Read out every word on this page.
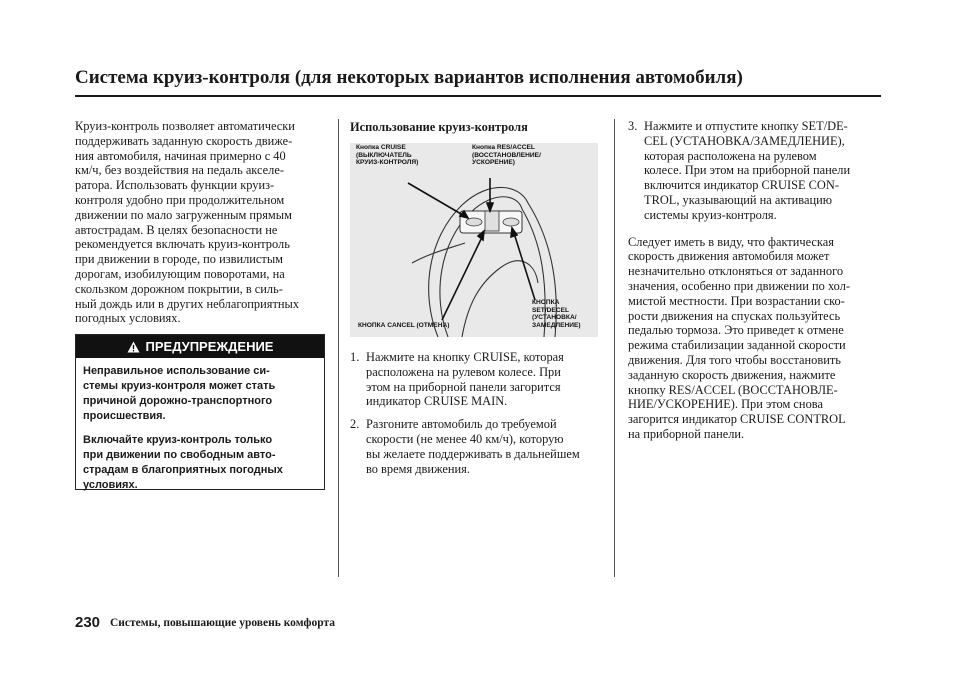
Система круиз-контроля (для некоторых вариантов исполнения автомобиля)
Круиз-контроль позволяет автоматически
поддерживать заданную скорость движе-
ния автомобиля, начиная примерно с 40
км/ч, без воздействия на педаль акселе-
ратора. Использовать функции круиз-
контроля удобно при продолжительном
движении по мало загруженным прямым
автострадам. В целях безопасности не
рекомендуется включать круиз-контроль
при движении в городе, по извилистым
дорогам, изобилующим поворотами, на
скользком дорожном покрытии, в силь-
ный дождь или в других неблагоприятных
погодных условиях.
ПРЕДУПРЕЖДЕНИЕ

Неправильное использование си-
стемы круиз-контроля может стать
причиной дорожно-транспортного
происшествия.

Включайте круиз-контроль только
при движении по свободным авто-
страдам в благоприятных погодных
условиях.

Использование круиз-контроля
Кнопка CRUISE
(ВЫКЛЮЧАТЕЛЬ
КРУИЗ-КОНТРОЛЯ)
Кнопка RES/ACCEL
(ВОССТАНОВЛЕНИЕ/
УСКОРЕНИЕ)
КНОПКА CANCEL (ОТМЕНА)
КНОПКА
SET/DECEL
(УСТАНОВКА/
ЗАМЕДЛЕНИЕ)
1. Нажмите на кнопку CRUISE, которая
расположена на рулевом колесе. При
этом на приборной панели загорится
индикатор CRUISE MAIN.
2. Разгоните автомобиль до требуемой
скорости (не менее 40 км/ч), которую
вы желаете поддерживать в дальнейшем
во время движения.
3. Нажмите и отпустите кнопку SET/DE-
CEL (УСТАНОВКА/ЗАМЕДЛЕНИЕ),
которая расположена на рулевом
колесе. При этом на приборной панели
включится индикатор CRUISE CON-
TROL, указывающий на активацию
системы круиз-контроля.
Следует иметь в виду, что фактическая
скорость движения автомобиля может
незначительно отклоняться от заданного
значения, особенно при движении по хол-
мистой местности. При возрастании ско-
рости движения на спусках пользуйтесь
педалью тормоза. Это приведет к отмене
режима стабилизации заданной скорости
движения. Для того чтобы восстановить
заданную скорость движения, нажмите
кнопку RES/ACCEL (ВОССТАНОВЛЕ-
НИЕ/УСКОРЕНИЕ). При этом снова
загорится индикатор CRUISE CONTROL
на приборной панели.
230 Системы, повышающие уровень комфорта
